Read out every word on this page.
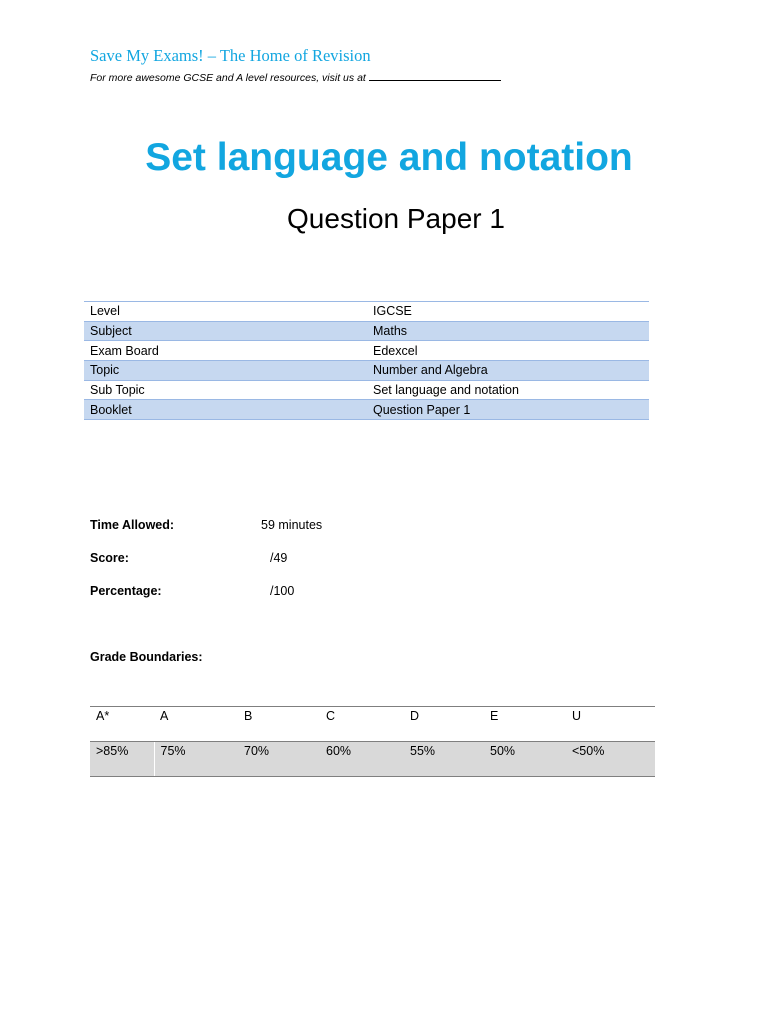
Save My Exams! – The Home of Revision
For more awesome GCSE and A level resources, visit us at
Set language and notation
Question Paper 1
Level	IGCSE
Subject	Maths
Exam Board	Edexcel
Topic	Number and Algebra
Sub Topic	Set language and notation
Booklet	Question Paper 1
Time Allowed:	59 minutes
Score:	/49
Percentage:	/100
Grade Boundaries:
A*	A	B	C	D	E	U
>85%	75%	70%	60%	55%	50%	<50%
